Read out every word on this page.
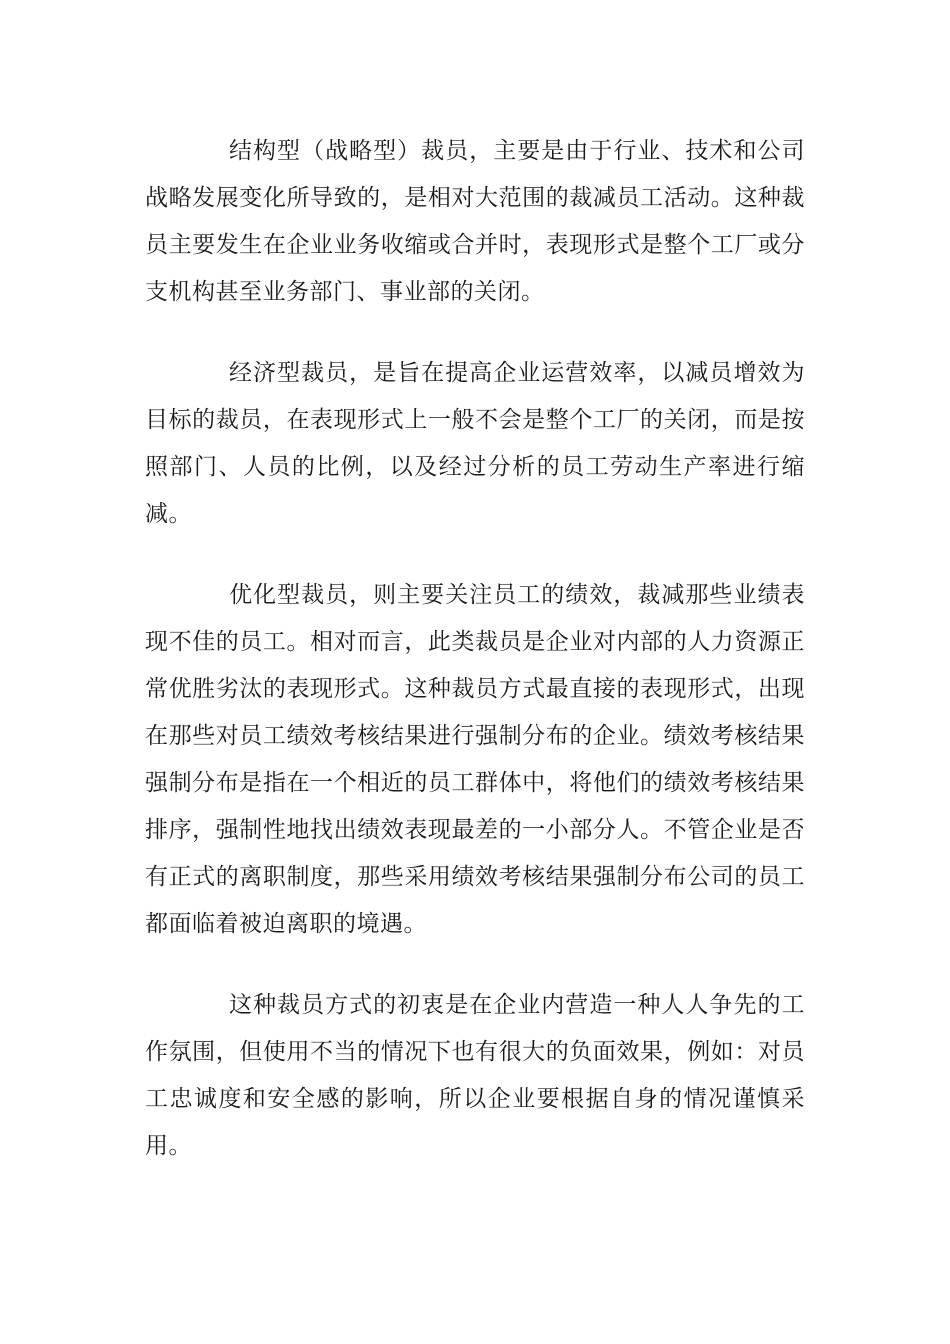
结构型（战略型）裁员，主要是由于行业、技术和公司战略发展变化所导致的，是相对大范围的裁减员工活动。这种裁员主要发生在企业业务收缩或合并时，表现形式是整个工厂或分支机构甚至业务部门、事业部的关闭。

经济型裁员，是旨在提高企业运营效率，以减员增效为目标的裁员，在表现形式上一般不会是整个工厂的关闭，而是按照部门、人员的比例，以及经过分析的员工劳动生产率进行缩减。

优化型裁员，则主要关注员工的绩效，裁减那些业绩表现不佳的员工。相对而言，此类裁员是企业对内部的人力资源正常优胜劣汰的表现形式。这种裁员方式最直接的表现形式，出现在那些对员工绩效考核结果进行强制分布的企业。绩效考核结果强制分布是指在一个相近的员工群体中，将他们的绩效考核结果排序，强制性地找出绩效表现最差的一小部分人。不管企业是否有正式的离职制度，那些采用绩效考核结果强制分布公司的员工都面临着被迫离职的境遇。

这种裁员方式的初衷是在企业内营造一种人人争先的工作氛围，但使用不当的情况下也有很大的负面效果，例如：对员工忠诚度和安全感的影响，所以企业要根据自身的情况谨慎采用。
